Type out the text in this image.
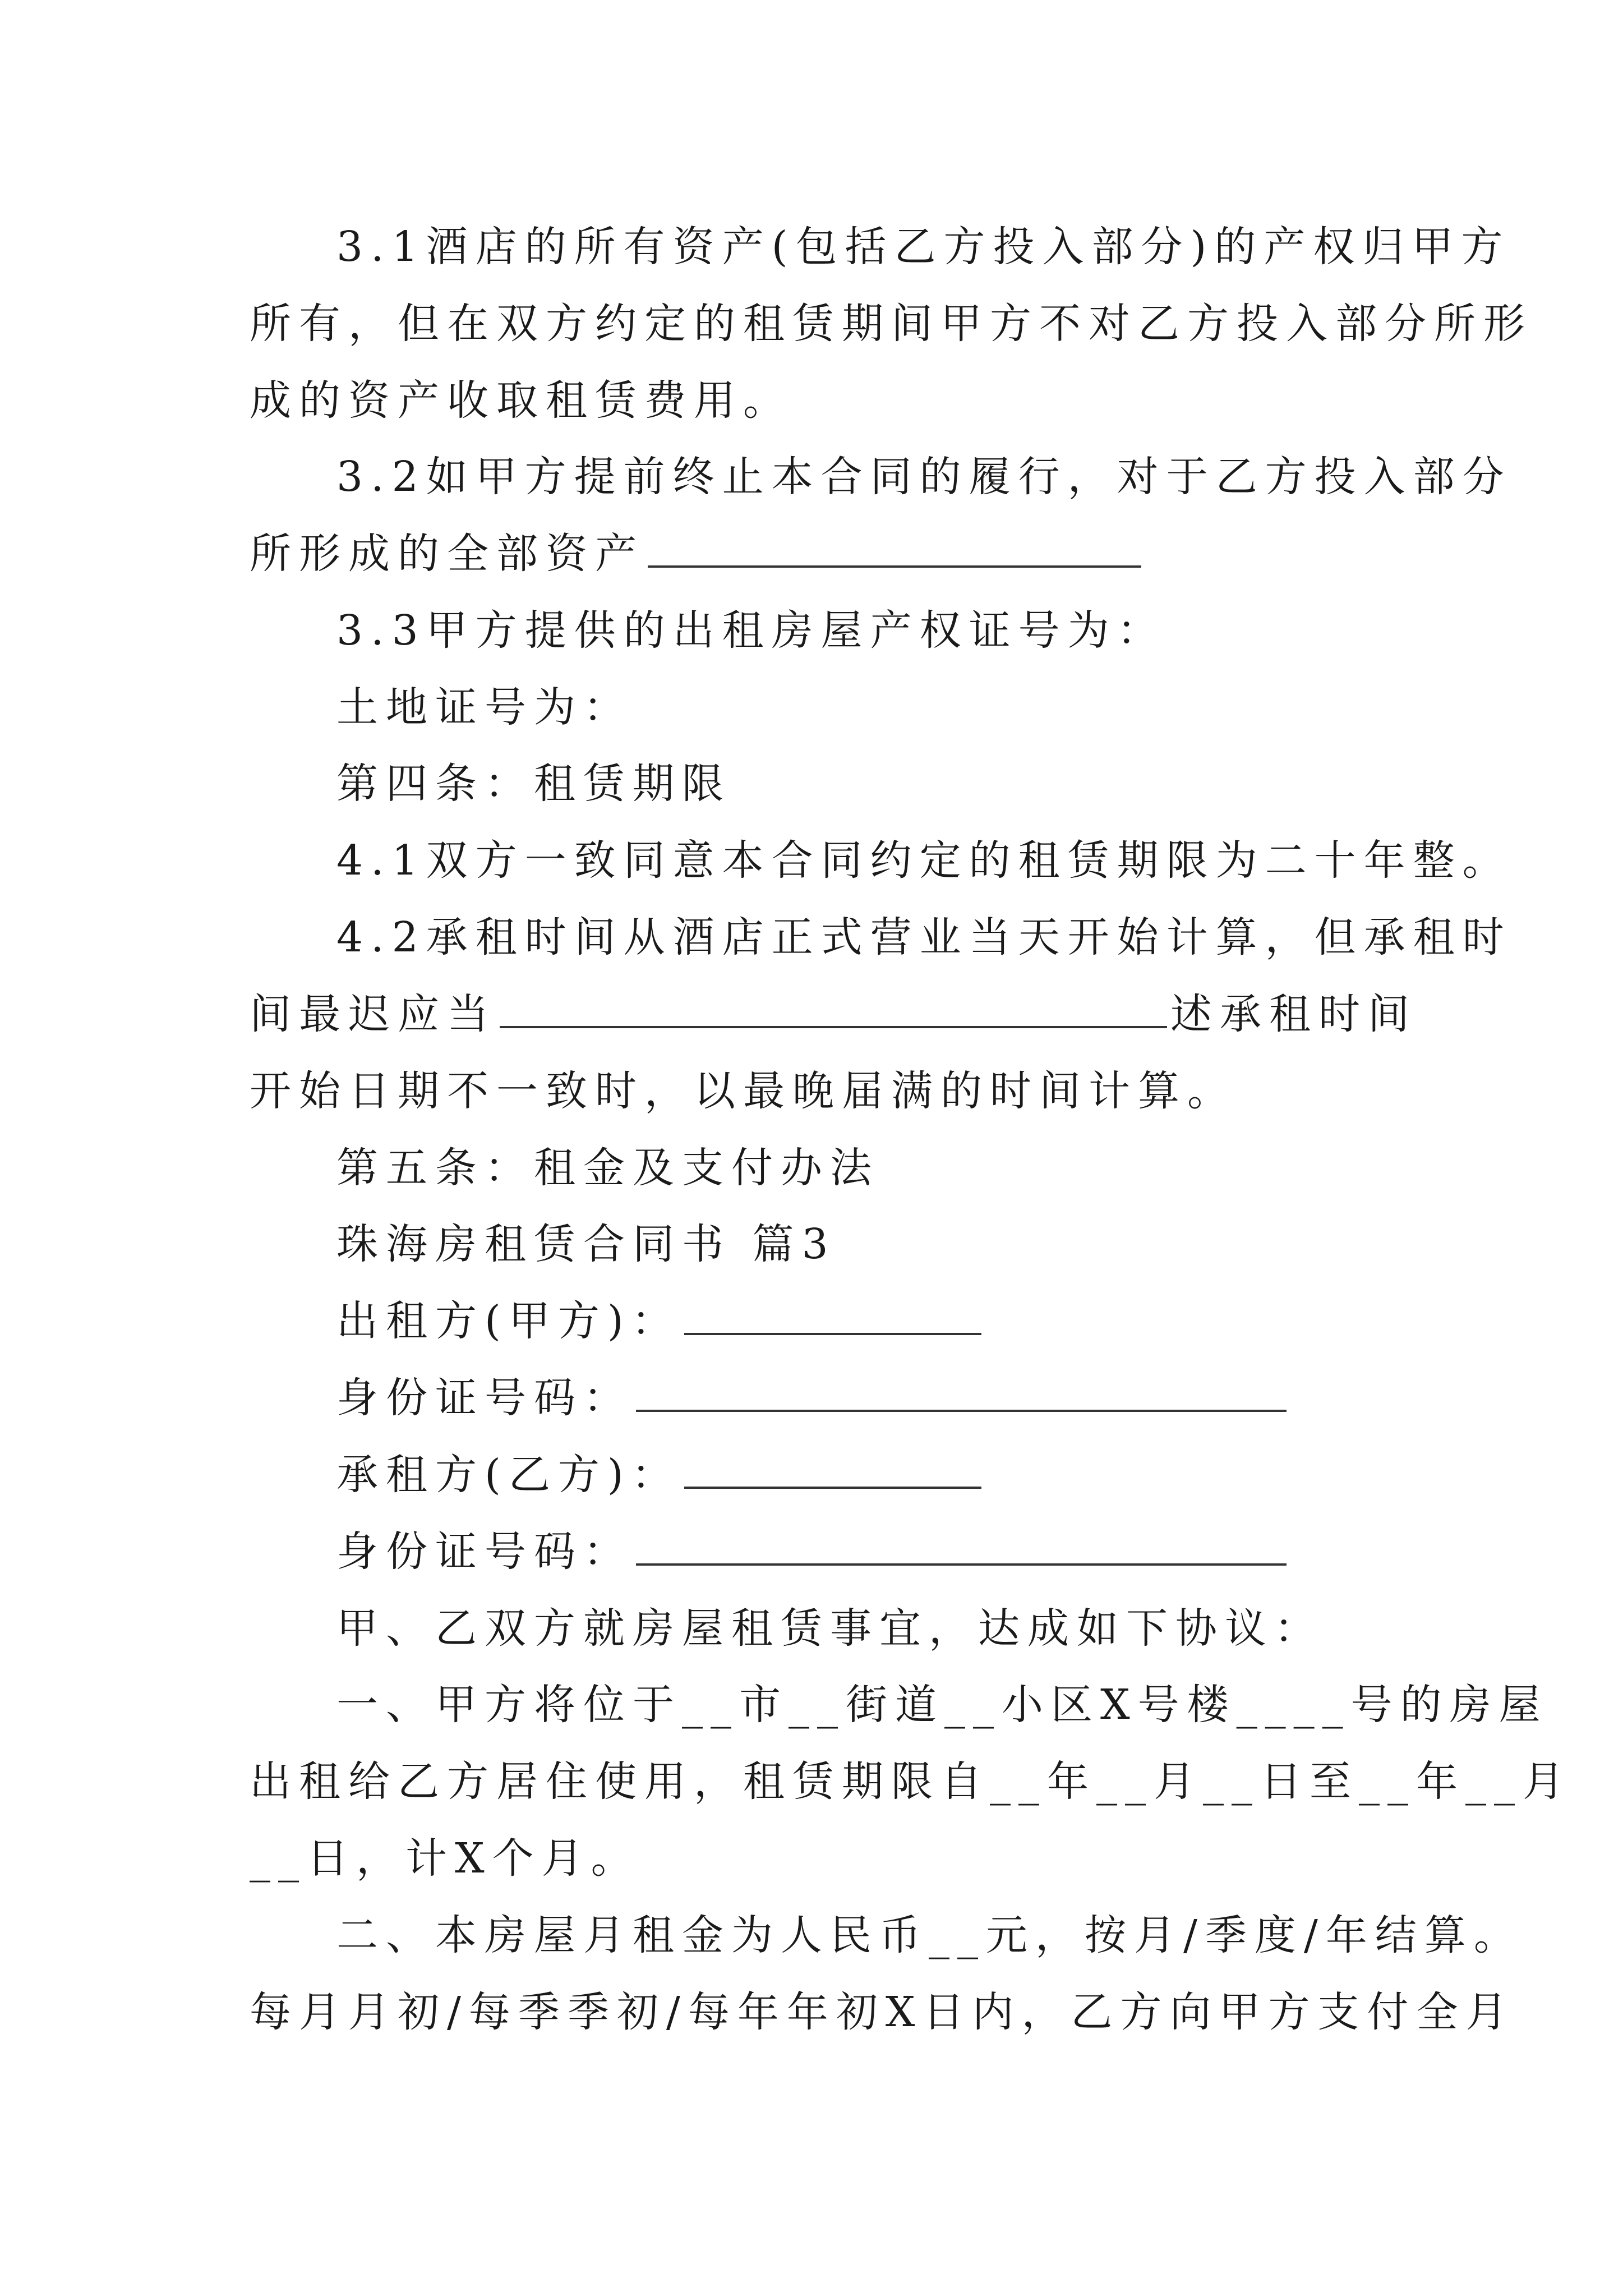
3.1酒店的所有资产(包括乙方投入部分)的产权归甲方
所有，但在双方约定的租赁期间甲方不对乙方投入部分所形
成的资产收取租赁费用。
3.2如甲方提前终止本合同的履行，对于乙方投入部分
所形成的全部资产
3.3甲方提供的出租房屋产权证号为：
土地证号为：
第四条：租赁期限
4.1双方一致同意本合同约定的租赁期限为二十年整。
4.2承租时间从酒店正式营业当天开始计算，但承租时
间最迟应当	述承租时间
开始日期不一致时，以最晚届满的时间计算。
第五条：租金及支付办法
珠海房租赁合同书 篇3
出租方(甲方)：
身份证号码：
承租方(乙方)：
身份证号码：
甲、乙双方就房屋租赁事宜，达成如下协议：
一、甲方将位于__市__街道__小区X号楼____号的房屋
出租给乙方居住使用，租赁期限自__年__月__日至__年__月
__日，计X个月。
二、本房屋月租金为人民币__元，按月/季度/年结算。
每月月初/每季季初/每年年初X日内，乙方向甲方支付全月
